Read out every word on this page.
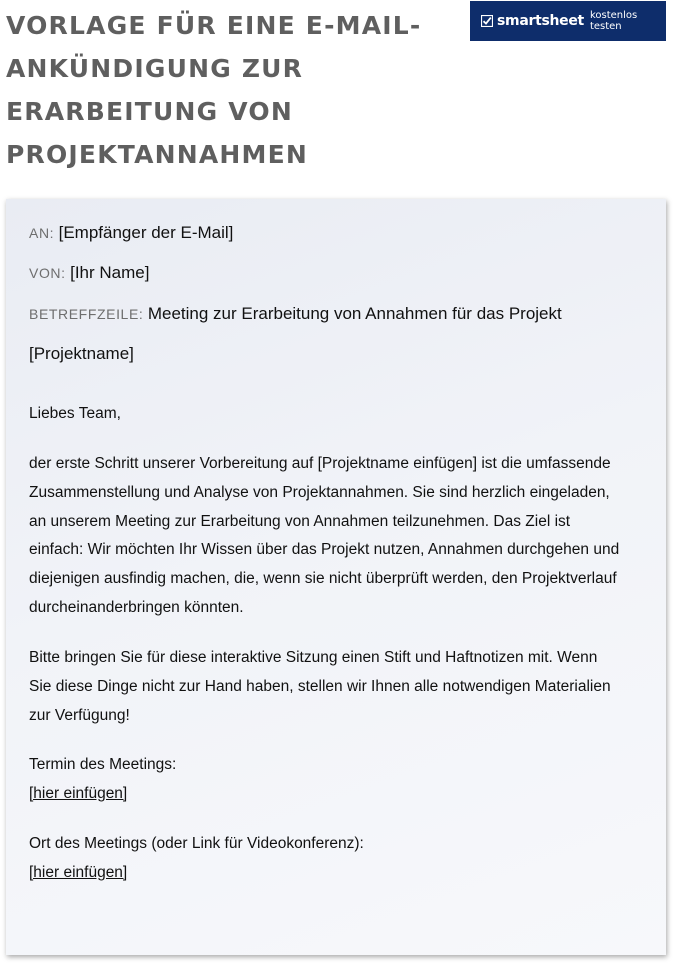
VORLAGE FÜR EINE E-MAIL-
ANKÜNDIGUNG ZUR
ERARBEITUNG VON
PROJEKTANNAHMEN
smartsheet kostenlos testen
AN: [Empfänger der E-Mail]
VON: [Ihr Name]
BETREFFZEILE: Meeting zur Erarbeitung von Annahmen für das Projekt
[Projektname]
Liebes Team,
der erste Schritt unserer Vorbereitung auf [Projektname einfügen] ist die umfassende
Zusammenstellung und Analyse von Projektannahmen. Sie sind herzlich eingeladen,
an unserem Meeting zur Erarbeitung von Annahmen teilzunehmen. Das Ziel ist
einfach: Wir möchten Ihr Wissen über das Projekt nutzen, Annahmen durchgehen und
diejenigen ausfindig machen, die, wenn sie nicht überprüft werden, den Projektverlauf
durcheinanderbringen könnten.
Bitte bringen Sie für diese interaktive Sitzung einen Stift und Haftnotizen mit. Wenn
Sie diese Dinge nicht zur Hand haben, stellen wir Ihnen alle notwendigen Materialien
zur Verfügung!
Termin des Meetings:
[hier einfügen]
Ort des Meetings (oder Link für Videokonferenz):
[hier einfügen]
